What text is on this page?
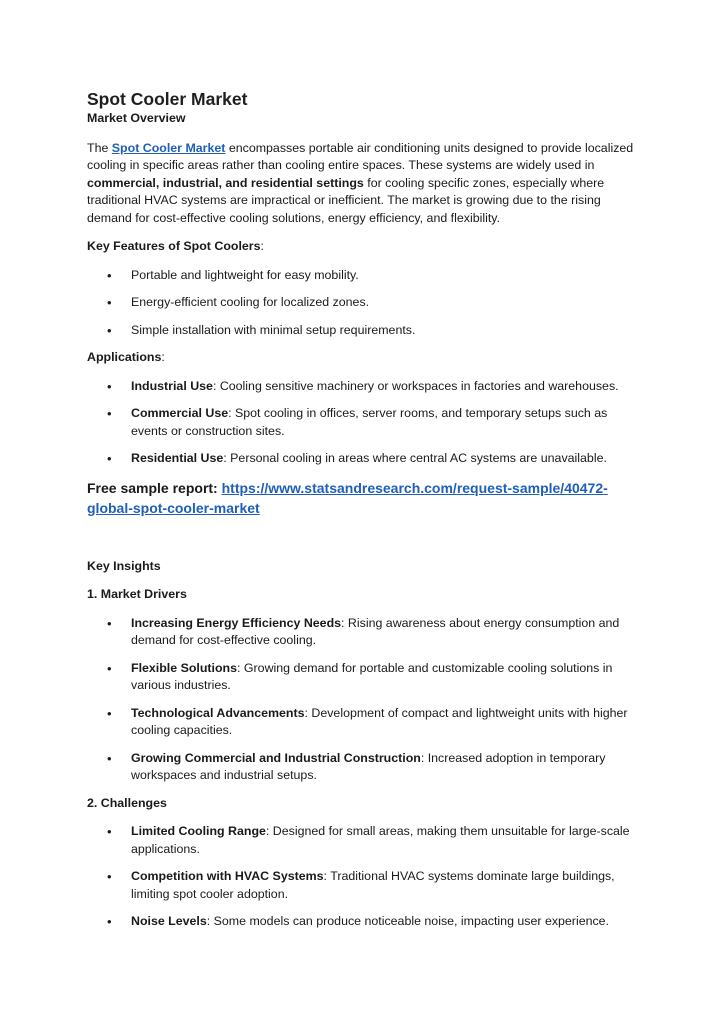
Spot Cooler Market
Market Overview

The Spot Cooler Market encompasses portable air conditioning units designed to provide localized cooling in specific areas rather than cooling entire spaces. These systems are widely used in commercial, industrial, and residential settings for cooling specific zones, especially where traditional HVAC systems are impractical or inefficient. The market is growing due to the rising demand for cost-effective cooling solutions, energy efficiency, and flexibility.

Key Features of Spot Coolers:

• Portable and lightweight for easy mobility.
• Energy-efficient cooling for localized zones.
• Simple installation with minimal setup requirements.

Applications:

• Industrial Use: Cooling sensitive machinery or workspaces in factories and warehouses.
• Commercial Use: Spot cooling in offices, server rooms, and temporary setups such as events or construction sites.
• Residential Use: Personal cooling in areas where central AC systems are unavailable.
Free sample report: https://www.statsandresearch.com/request-sample/40472-global-spot-cooler-market
Key Insights
1. Market Drivers
• Increasing Energy Efficiency Needs: Rising awareness about energy consumption and demand for cost-effective cooling.
• Flexible Solutions: Growing demand for portable and customizable cooling solutions in various industries.
• Technological Advancements: Development of compact and lightweight units with higher cooling capacities.
• Growing Commercial and Industrial Construction: Increased adoption in temporary workspaces and industrial setups.
2. Challenges
• Limited Cooling Range: Designed for small areas, making them unsuitable for large-scale applications.
• Competition with HVAC Systems: Traditional HVAC systems dominate large buildings, limiting spot cooler adoption.
• Noise Levels: Some models can produce noticeable noise, impacting user experience.
